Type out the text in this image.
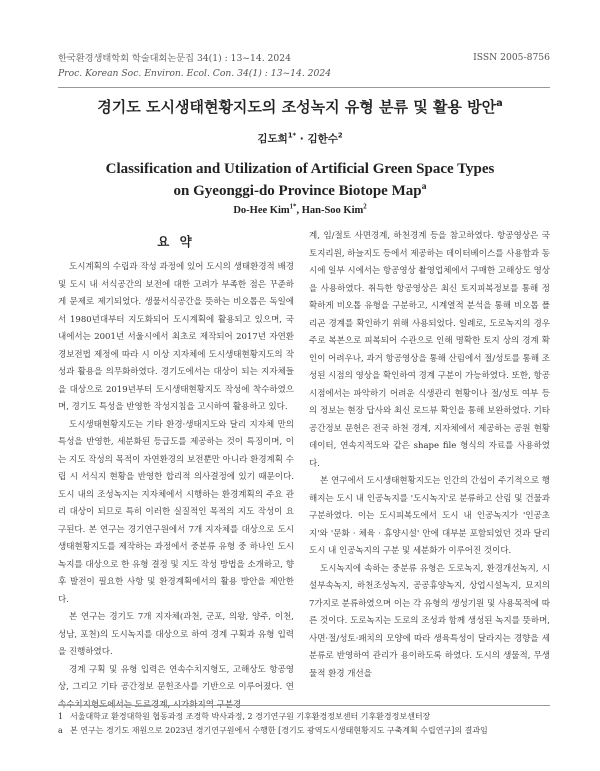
한국환경생태학회 학술대회논문집 34(1) : 13~14. 2024
Proc. Korean Soc. Environ. Ecol. Con. 34(1) : 13~14. 2024
ISSN 2005-8756
경기도 도시생태현황지도의 조성녹지 유형 분류 및 활용 방안$^a$
김도희$^{1*}$ · 김한수$^2$
Classification and Utilization of Artificial Green Space Types
on Gyeonggi-do Province Biotope Map$^a$
Do-Hee Kim$^{1*}$, Han-Soo Kim$^2$
요 약

도시계획의 수립과 작성 과정에 있어 도시의 생태환경적 배경 및 도시 내 서식공간의 보전에 대한 고려가 부족한 점은 꾸준하게 문제로 제기되었다. 생물서식공간을 뜻하는 비오톱은 독일에서 1980년대부터 지도화되어 도시계획에 활용되고 있으며, 국내에서는 2001년 서울시에서 최초로 제작되어 2017년 자연환경보전법 제정에 따라 시 이상 지자체에 도시생태현황지도의 작성과 활용을 의무화하였다. 경기도에서는 대상이 되는 지자체들을 대상으로 2019년부터 도시생태현황지도 작성에 착수하였으며, 경기도 특성을 반영한 작성지침을 고시하여 활용하고 있다.

도시생태현황지도는 기타 환경·생태지도와 달리 지자체 만의 특성을 반영한, 세분화된 등급도를 제공하는 것이 특징이며, 이는 지도 작성의 목적이 자연환경의 보전뿐만 아니라 환경계획 수립 시 서식지 현황을 반영한 합리적 의사결정에 있기 때문이다. 도시 내의 조성녹지는 지자체에서 시행하는 환경계획의 주요 관리 대상이 되므로 특히 이러한 실질적인 목적의 지도 작성이 요구된다. 본 연구는 경기연구원에서 7개 지자체를 대상으로 도시생태현황지도를 제작하는 과정에서 중분류 유형 중 하나인 도시녹지를 대상으로 한 유형 결정 및 지도 작성 방법을 소개하고, 향후 발전이 필요한 사항 및 환경계획에서의 활용 방안을 제안한다.

본 연구는 경기도 7개 지자체(과천, 군포, 의왕, 양주, 이천, 성남, 포천)의 도시녹지를 대상으로 하여 경계 구획과 유형 입력을 진행하였다.

경계 구획 및 유형 입력은 연속수치지형도, 고해상도 항공영상, 그리고 기타 공간정보 문헌조사를 기반으로 이루어졌다. 연속수치지형도에서는 도로경계, 시가화지역 구분경

계, 임/절토 사면경계, 하천경계 등을 참고하였다. 항공영상은 국토지리원, 하늘지도 등에서 제공하는 데이터베이스를 사용함과 동시에 일부 시에서는 항공영상 촬영업체에서 구매한 고해상도 영상을 사용하였다. 취득한 항공영상은 최신 토지피복정보를 통해 정확하게 비오톱 유형을 구분하고, 시계열적 분석을 통해 비오톱 폴리곤 경계를 확인하기 위해 사용되었다. 일례로, 도로녹지의 경우 주로 복본으로 피복되어 수관으로 인해 명확한 토지 상의 경계 확인이 어려우나, 과거 항공영상을 통해 산림에서 절/성토를 통해 조성된 시점의 영상을 확인하여 경계 구분이 가능하였다. 또한, 항공 시점에서는 파악하기 어려운 식생관리 현황이나 절/성토 여부 등의 정보는 현장 답사와 최신 로드뷰 확인을 통해 보완하였다. 기타 공간정보 문헌은 전국 하천 경계, 지자체에서 제공하는 공원 현황데이터, 연속지적도와 같은 shape file 형식의 자료를 사용하였다.

본 연구에서 도시생태현황지도는 인간의 간섭이 주기적으로 행해지는 도시 내 인공녹지를 '도시녹지'로 분류하고 산림 및 건물과 구분하였다. 이는 도시피복도에서 도시 내 인공녹지가 '인공초지'와 '문화 · 체육 · 휴양시설' 안에 대부분 포함되었던 것과 달리 도시 내 인공녹지의 구분 및 세분화가 이루어진 것이다.

도시녹지에 속하는 중분류 유형은 도로녹지, 환경개선녹지, 시설부속녹지, 하천조성녹지, 공공휴양녹지, 상업시설녹지, 묘지의 7가지로 분류하였으며 이는 각 유형의 생성기원 및 사용목적에 따른 것이다. 도로녹지는 도로의 조성과 함께 생성된 녹지를 뜻하며, 사면·절/성토·패치의 모양에 따라 생육특성이 달라지는 경향을 세분류로 반영하여 관리가 용이하도록 하였다. 도시의 생물적, 무생물적 환경 개선을

1 서울대학교 환경대학원 협동과정 조경학 박사과정, 2 경기연구원 기후환경정보센터 기후환경정보센터장
a 본 연구는 경기도 재원으로 2023년 경기연구원에서 수행한 [경기도 광역도시생태현황지도 구축계획 수립연구]의 결과임
